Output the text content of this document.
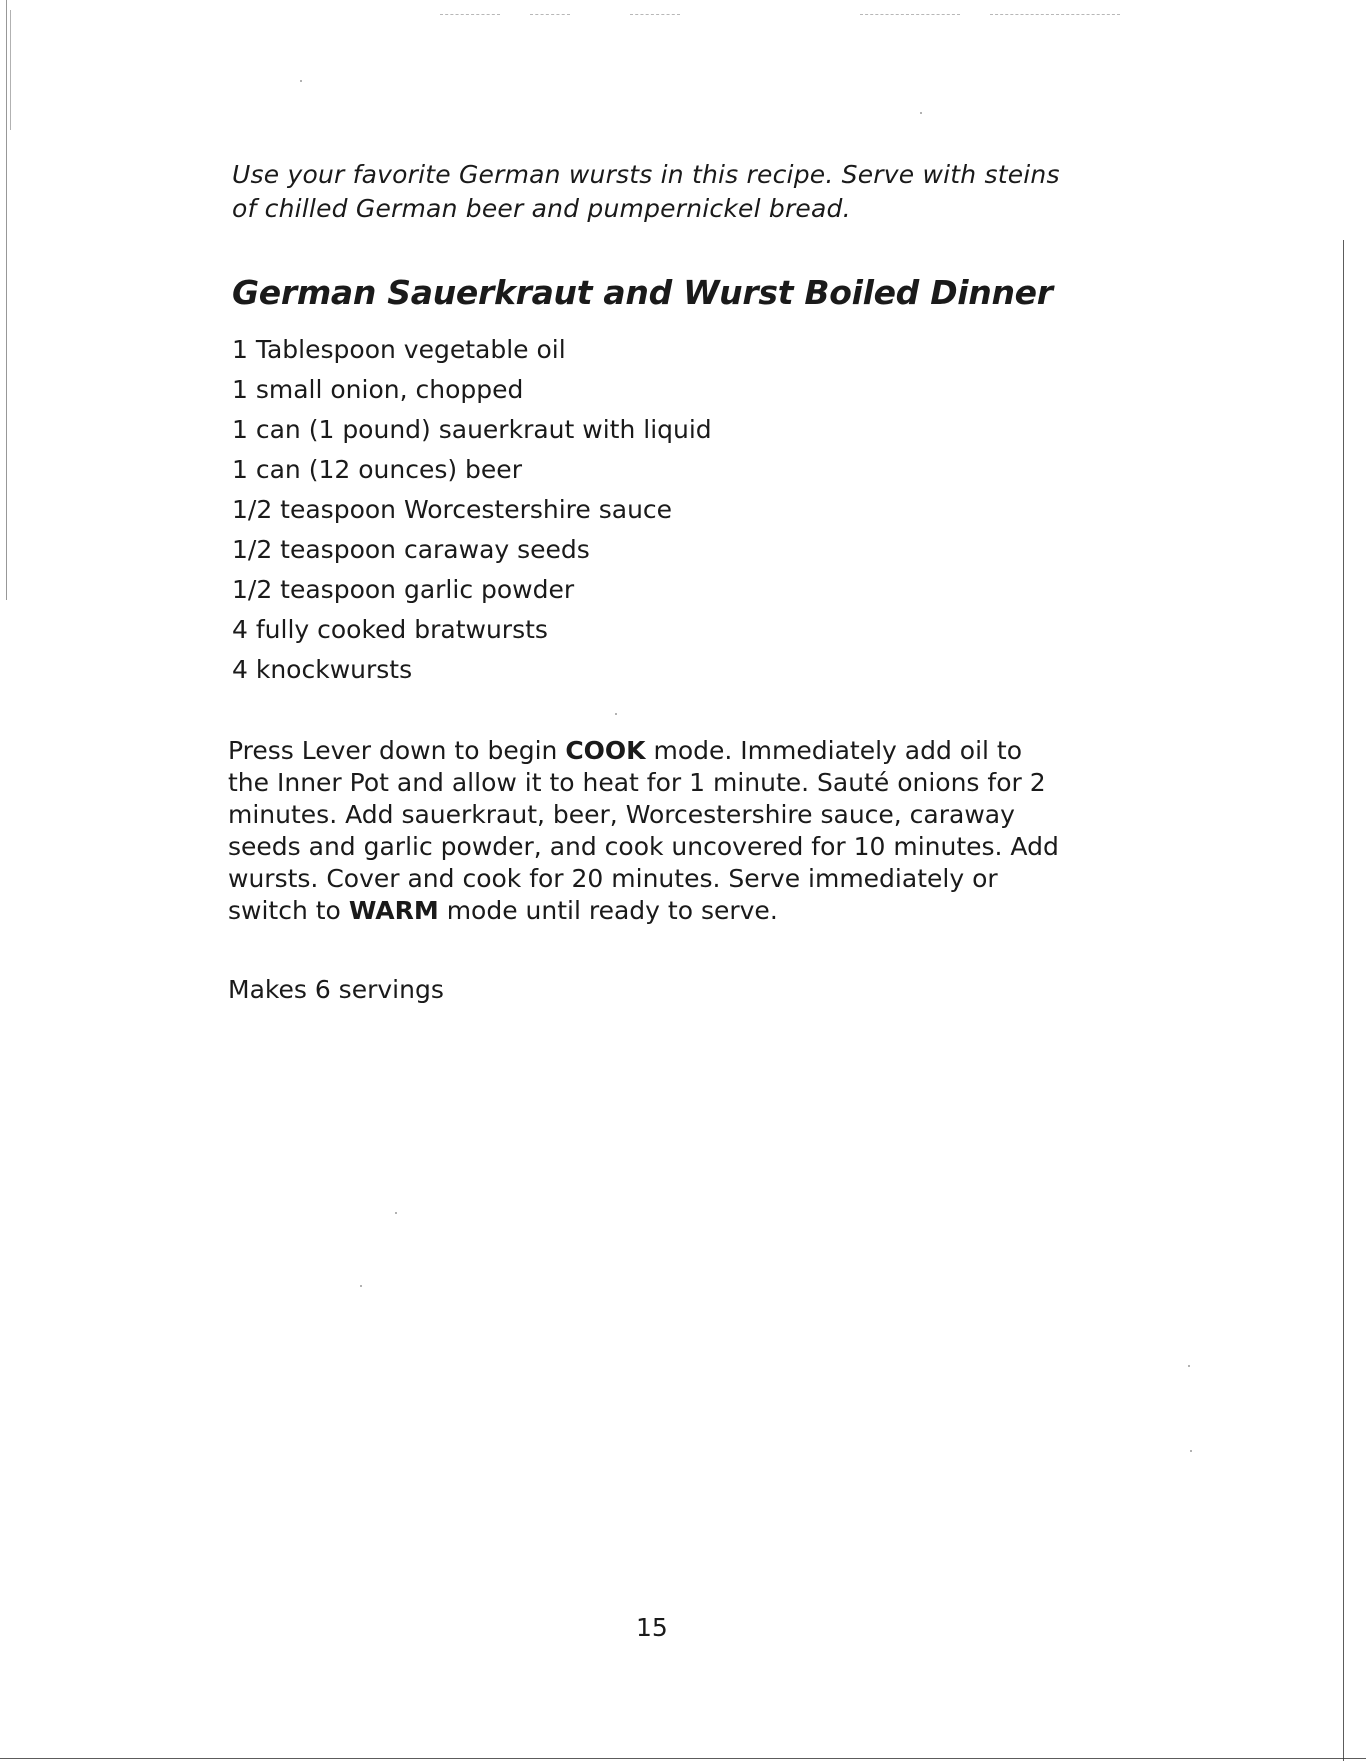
Use your favorite German wursts in this recipe. Serve with steins
of chilled German beer and pumpernickel bread.

German Sauerkraut and Wurst Boiled Dinner
1 Tablespoon vegetable oil
1 small onion, chopped
1 can (1 pound) sauerkraut with liquid
1 can (12 ounces) beer
1/2 teaspoon Worcestershire sauce
1/2 teaspoon caraway seeds
1/2 teaspoon garlic powder
4 fully cooked bratwursts
4 knockwursts

Press Lever down to begin COOK mode. Immediately add oil to the Inner Pot and allow it to heat for 1 minute. Sauté onions for 2 minutes. Add sauerkraut, beer, Worcestershire sauce, caraway seeds and garlic powder, and cook uncovered for 10 minutes. Add wursts. Cover and cook for 20 minutes. Serve immediately or switch to WARM mode until ready to serve.

Makes 6 servings

15
